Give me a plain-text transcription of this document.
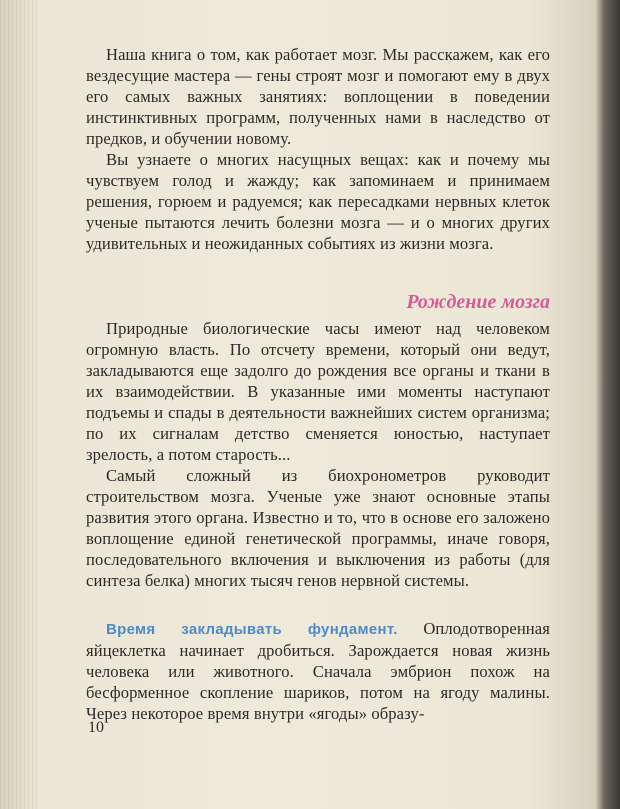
Наша книга о том, как работает мозг. Мы расскажем, как его вездесущие мастера — гены строят мозг и помогают ему в двух его самых важных занятиях: воплощении в поведении инстинктивных программ, полученных нами в наследство от предков, и обучении новому.

Вы узнаете о многих насущных вещах: как и почему мы чувствуем голод и жажду; как запоминаем и принимаем решения, горюем и радуемся; как пересадками нервных клеток ученые пытаются лечить болезни мозга — и о многих других удивительных и неожиданных событиях из жизни мозга.

Рождение мозга

Природные биологические часы имеют над человеком огромную власть. По отсчету времени, который они ведут, закладываются еще задолго до рождения все органы и ткани в их взаимодействии. В указанные ими моменты наступают подъемы и спады в деятельности важнейших систем организма; по их сигналам детство сменяется юностью, наступает зрелость, а потом старость...

Самый сложный из биохронометров руководит строительством мозга. Ученые уже знают основные этапы развития этого органа. Известно и то, что в основе его заложено воплощение единой генетической программы, иначе говоря, последовательного включения и выключения из работы (для синтеза белка) многих тысяч генов нервной системы.

Время закладывать фундамент. Оплодотворенная яйцеклетка начинает дробиться. Зарождается новая жизнь человека или животного. Сначала эмбрион похож на бесформенное скопление шариков, потом на ягоду малины. Через некоторое время внутри «ягоды» образу-

10
